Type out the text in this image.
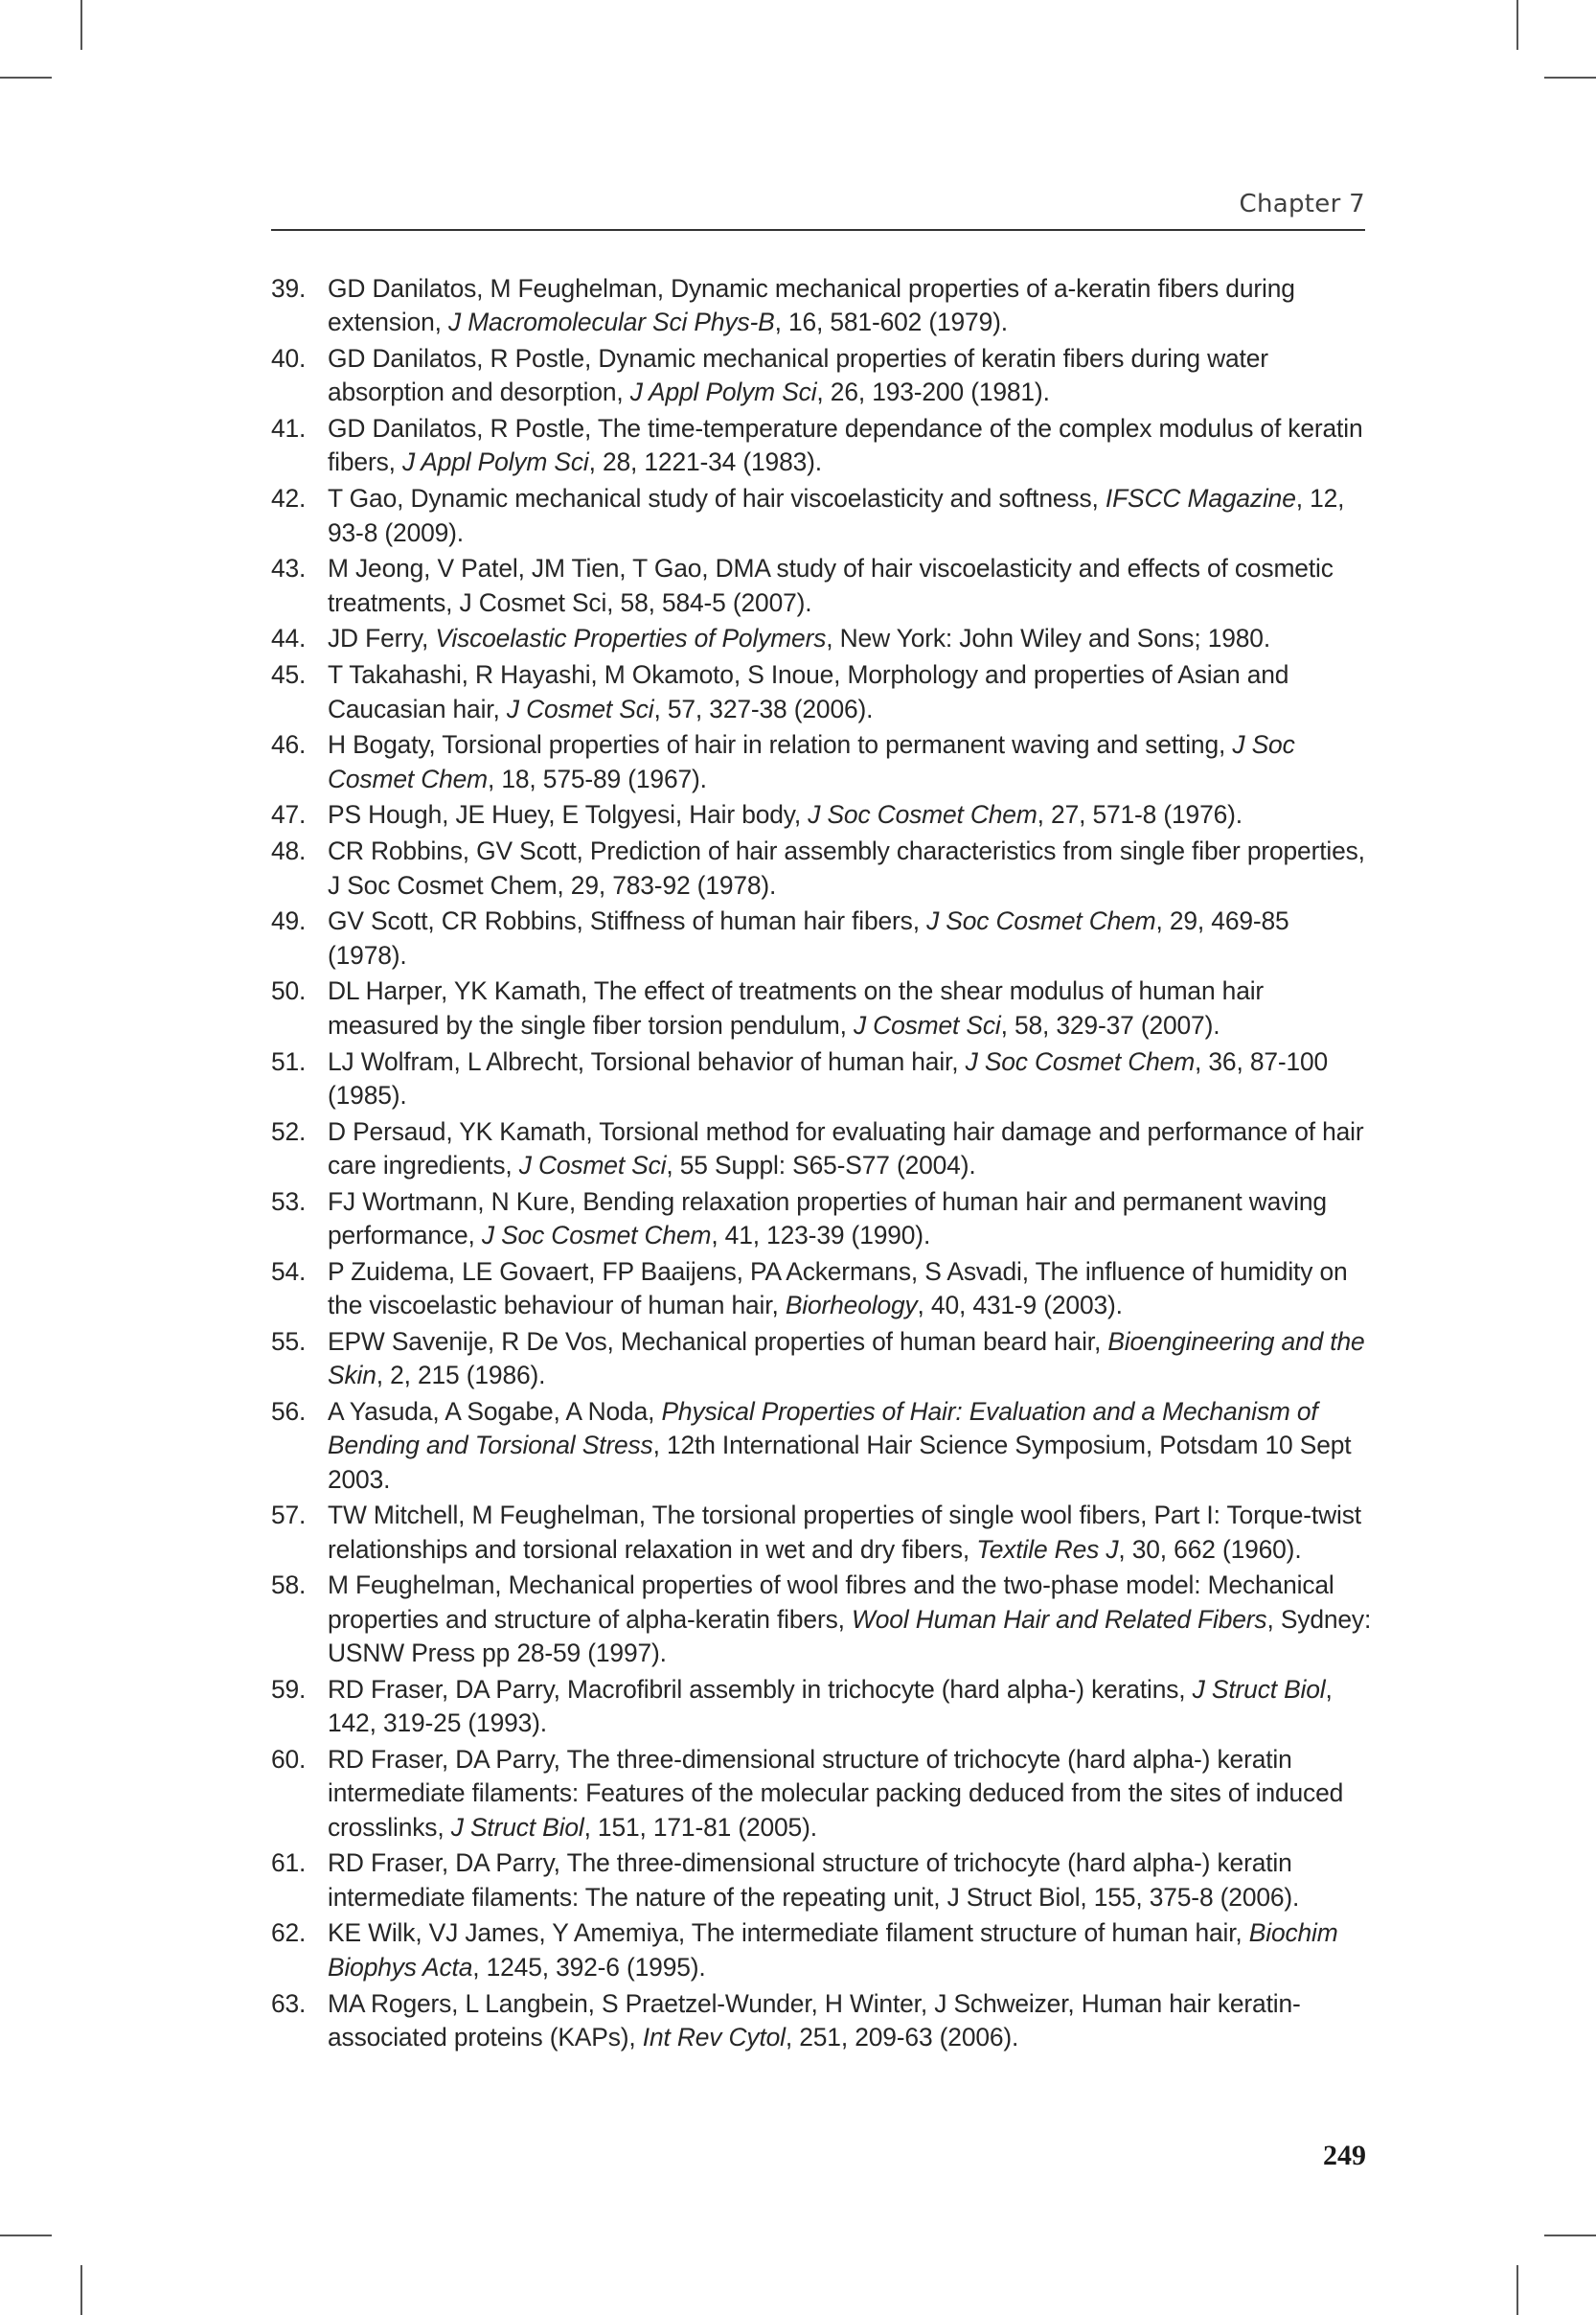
Chapter 7
39. GD Danilatos, M Feughelman, Dynamic mechanical properties of a-keratin fibers during extension, J Macromolecular Sci Phys-B, 16, 581-602 (1979).
40. GD Danilatos, R Postle, Dynamic mechanical properties of keratin fibers during water absorption and desorption, J Appl Polym Sci, 26, 193-200 (1981).
41. GD Danilatos, R Postle, The time-temperature dependance of the complex modulus of keratin fibers, J Appl Polym Sci, 28, 1221-34 (1983).
42. T Gao, Dynamic mechanical study of hair viscoelasticity and softness, IFSCC Magazine, 12, 93-8 (2009).
43. M Jeong, V Patel, JM Tien, T Gao, DMA study of hair viscoelasticity and effects of cosmetic treatments, J Cosmet Sci, 58, 584-5 (2007).
44. JD Ferry, Viscoelastic Properties of Polymers, New York: John Wiley and Sons; 1980.
45. T Takahashi, R Hayashi, M Okamoto, S Inoue, Morphology and properties of Asian and Caucasian hair, J Cosmet Sci, 57, 327-38 (2006).
46. H Bogaty, Torsional properties of hair in relation to permanent waving and setting, J Soc Cosmet Chem, 18, 575-89 (1967).
47. PS Hough, JE Huey, E Tolgyesi, Hair body, J Soc Cosmet Chem, 27, 571-8 (1976).
48. CR Robbins, GV Scott, Prediction of hair assembly characteristics from single fiber properties, J Soc Cosmet Chem, 29, 783-92 (1978).
49. GV Scott, CR Robbins, Stiffness of human hair fibers, J Soc Cosmet Chem, 29, 469-85 (1978).
50. DL Harper, YK Kamath, The effect of treatments on the shear modulus of human hair measured by the single fiber torsion pendulum, J Cosmet Sci, 58, 329-37 (2007).
51. LJ Wolfram, L Albrecht, Torsional behavior of human hair, J Soc Cosmet Chem, 36, 87-100 (1985).
52. D Persaud, YK Kamath, Torsional method for evaluating hair damage and performance of hair care ingredients, J Cosmet Sci, 55 Suppl: S65-S77 (2004).
53. FJ Wortmann, N Kure, Bending relaxation properties of human hair and permanent waving performance, J Soc Cosmet Chem, 41, 123-39 (1990).
54. P Zuidema, LE Govaert, FP Baaijens, PA Ackermans, S Asvadi, The influence of humidity on the viscoelastic behaviour of human hair, Biorheology, 40, 431-9 (2003).
55. EPW Savenije, R De Vos, Mechanical properties of human beard hair, Bioengineering and the Skin, 2, 215 (1986).
56. A Yasuda, A Sogabe, A Noda, Physical Properties of Hair: Evaluation and a Mechanism of Bending and Torsional Stress, 12th International Hair Science Symposium, Potsdam 10 Sept 2003.
57. TW Mitchell, M Feughelman, The torsional properties of single wool fibers, Part I: Torque-twist relationships and torsional relaxation in wet and dry fibers, Textile Res J, 30, 662 (1960).
58. M Feughelman, Mechanical properties of wool fibres and the two-phase model: Mechanical properties and structure of alpha-keratin fibers, Wool Human Hair and Related Fibers, Sydney: USNW Press pp 28-59 (1997).
59. RD Fraser, DA Parry, Macrofibril assembly in trichocyte (hard alpha-) keratins, J Struct Biol, 142, 319-25 (1993).
60. RD Fraser, DA Parry, The three-dimensional structure of trichocyte (hard alpha-) keratin intermediate filaments: Features of the molecular packing deduced from the sites of induced crosslinks, J Struct Biol, 151, 171-81 (2005).
61. RD Fraser, DA Parry, The three-dimensional structure of trichocyte (hard alpha-) keratin intermediate filaments: The nature of the repeating unit, J Struct Biol, 155, 375-8 (2006).
62. KE Wilk, VJ James, Y Amemiya, The intermediate filament structure of human hair, Biochim Biophys Acta, 1245, 392-6 (1995).
63. MA Rogers, L Langbein, S Praetzel-Wunder, H Winter, J Schweizer, Human hair keratin-associated proteins (KAPs), Int Rev Cytol, 251, 209-63 (2006).
249
